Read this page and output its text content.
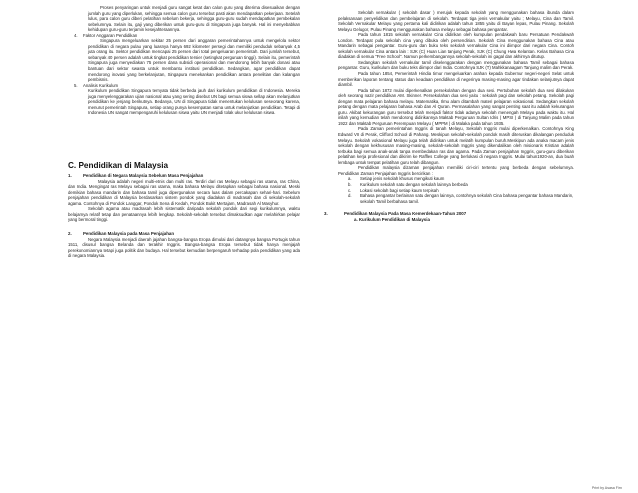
Proses penyaringan untuk menjadi guru sangat ketat dan calon guru yang diterima disesuaikan dengan jumlah guru yang diperlukan, sehingga semua calon guru tersebut pasti akan mendapatkan pekerjaan. Setelah lulus, para calon guru diberi pelatihan sebelum bekerja, sehingga guru-guru sudah mendapatkan pembekalan sebelumnya. Selain itu, gaji yang diberikan untuk guru-guru di Singapura juga banyak. Hal ini menyebabkan kehidupan guru-guru terjamin kesejahteraannya.

4.	Faktor Anggaran Pendidikan

Singapura mengeluarkan sekitar 25 persen dari anggaran pemerintahannya untuk mengelola sektor pendidikan di negara pulau yang luasnya hanya 692 kilometer persegi dan memiliki penduduk sebanyak 4,5 juta orang itu. Sektor pendidikan mencapai 25 persen dari total pengeluaran pemerintah. Dari jumlah tersebut, sebanyak 40 persen adalah untuk tingkat pendidikan tersier (setingkat perguruan tinggi). Selain itu, pemerintah Singapura juga menyediakan 75 persen dana subsidi operasional dan mendorong lebih banyak donasi atau bantuan dari sektor swasta untuk membantu institusi pendidikan. Sedangkan, agar pendidikan dapat mendorong inovasi yang berkelanjutan, Singapura menekankan pendidikan antara penelitian dan kalangan pembisnis.

5.	Analisis Kurikulum

Kurikulum pendidikan Singapura ternyata tidak berbeda jauh dari kurikulum pendidikan di Indonesia. Mereka juga menyelenggarakan ujian nasional atau yang sering disebut UN bagi semua siswa sellap akan melanjutkan pendidikan ke jenjang berikutnya. Bedanya, UN di Singapura tidak menentukan kelulusan seseorang karena, menurut pemerintah Singapura, setiap orang punya kesempatan sama untuk melanjutkan pendidikan. Tetapi di Indonesia UN sangat mempengaruhi kelulusan siswa yaitu UN menjadi tolak ukur kelulusan siswa.

C. Pendidikan di Malaysia
1.	Pendidikan di Negara Malaysia Sebelum Masa Penjajahan

Malaysia adalah negeri multi-etnis dan multi ras. Terdiri dari ras Melayu sebagai ras utama, ras China, dan India. Mengingat ras Melayu sebagai ras utama, maka bahasa Melayu ditetapkan sebagai bahasa nasional. Meski demikian bahasa mandarin dan bahasa tamil juga dipergunakan secara luas dalam percakapan sehari-hari. Sebelum penjajahan pendidikan di Malaysia berdasarkan sistem pondok yang diadakan di madrasah dan di sekolah-sekolah agama. Contohnya di Pondok Langgar, Pondok Sena di Kedah, Pondok Bukit Mertajam, Madrasah Al Masyhur.

Sekolah agama atau madrasah lebih sistematik daripada sekolah pondok dari segi kurikulumnya, waktu belajarnya relatif tetap dan penataannya lebih lengkap. Sekolah-sekolah tersebut dimaksudkan agar melahirkan pelajar yang bermoral tinggi.

2.	Pendidikan Malaysia pada Masa Penjajahan

Negara Malaysia menjadi daerah jajahan bangsa-bangsa Eropa dimulai dari datangnya bangsa Portugis tahun 1511, disusul bangsa Belanda dan terakhir Inggris. Bangsa-bangsa Eropa tersebut tidak hanya menjajah perekonomiannya tetapi juga politik dan budaya. Hal tersebut kemudian berpengaruh terhadap pola pendidikan yang ada di negara Malaysia.

Sekolah vernakular ( sekolah dasar ) merujuk kepada sekolah yang menggunakan bahasa ibunda dalam pelaksanaan penyelidikan dan pembelajaran di sekolah. Terdapat tiga jenis vernakular yaitu ; Melayu, Cina dan Tamil. Sekolah Vernakular Melayu yang pertama kali didirikan adalah tahun 1855 yaitu di Bayan lepas, Pulau Pinang. Sekolah Melayu Gelugor, Pulau Pinang menggunakan bahasa melayu sebagai bahasa pengantar.

Pada tahun 1815 sekolah vernakular Cina didirikan oleh kumpulan pendakwah baru Persatuan Pendakwah London. Terdapat pula sekolah cina yang dibuka oleh persendirian. Sekolah Cina menggunakan bahasa Cina atau Mandarin sebagai pengantar. Guru-guru dan buku teks sekolah vernakular Cina ini diimpor dari negara Cina. Contoh sekolah vernakular Cina antara lain : SJK (C) Huan Lian tanjung Perak, SJK (C) Chung Hwa Kelantan. Kelas Bahasa Cina diadakan di semua "Free School". Namun perkembangannya sekolah-sekolah ini gagal dan akhirnya ditutup.

Sedangkan sekolah vernakular tamil diselenggarakan dengan menggunakan bahasa Tamil sebagai bahasa pengantar. Guru, kurikulum dan buku teks diimpor dari India. Contohnya SJK (T) Mahkkanaagam Tanjung malim dan Perak.

Pada tahun 1854, Pemerintah Hindia timur mengeluarkan arahan kepada Gubernur negeri-negeri Selat untuk memberikan laporan tentang status dan keadaan pendidikan di negerinya masing-masing agar tindakan selanjutnya dapat diambil.

Pada tahun 1872 mulai diperkenalkan persekolahan dengan dua sesi. Pertubuhan sekolah dua sesi dilakukan oleh seorang nazir pendidikan AM. Skinner. Persekolahan dua sesi yaitu : sekolah pagi dan sekolah petang. Sekolah pagi dengan mata pelajaran bahasa melayu. Matematika, Ilmu alam ditambah materi pelajaran vokasional. Sedangkan sekolah petang dengan mata pelajaran bahasa Arab dan Al Quran. Permasalahan yang sangat penting saat itu adalah kekurangan guru. Akibat kekurangan guru tersebut telah menjadi faktor tidak adanya sekolah menengah Melayu pada waktu itu. Hal inilah yang kemudian telah mendorong didirikannya Maktab Perguruan Sultan Idris ( MPSI ) di Tanjung Malim pada tahun 1922 dan Maktab Perguruan Perempuan Melayu ( MPPM ) di Malaka pada tahun 1935.

Pada Zaman pemerintahan Inggris di tanah Melayu, Sekolah Inggris mulai diperkenalkan. Contohnya King Edward VII di Perak, Clifford School di Pahang. Meskipun sekolah-sekolah pondok masih diteruskan dikalangan penduduk Melayu. Sekolah vokasional Melayu juga telah didirikan untuk melatih kumpulan buruh.Meskipun ada anaka macam jenis sekolah dengan kekhususan masing-masing, sekolah-sekolah Inggris yang dikendalikan oleh misionaris Kristian adalah terbuka bagi semua anak-anak tanpa membedakan ras dan agama. Pada Zaman penjajahan Inggris, guru-guru diberikan pelatihan kerja profesional dan dikirim ke Raffles College yang berlokasi di negara Inggris. Mulai tahun1920-an, dua buah lembaga untuk tempat pelatihan guru telah dibangun.

Pendidikan malaysia dizaman penjajahan memiliki ciri-ciri tertentu yang berbeda dengan sebelumnya. Pendidikan Zaman Penjajahan Inggris bercirikan :

a.	Setiap jenis sekolah khusus mengikuti kaum
b.	Kurikulum sekolah satu dengan sekolah lainnya berbeda
c.	Lokasi sekolah bagi setiap kaum terpisah
d.	Bahasa pengantar berlainan satu dengan lainnya, contohnya sekolah Cina bahasa pengantar bahasa Mandarin, sekolah Tamil berbahasa tamil.
3.	Pendidikan Malaysia Pada Masa Kemerdekaan-Tahun 2007

a. Kurikulum Pendidikan di Malaysia

Print by Asasa Firn
